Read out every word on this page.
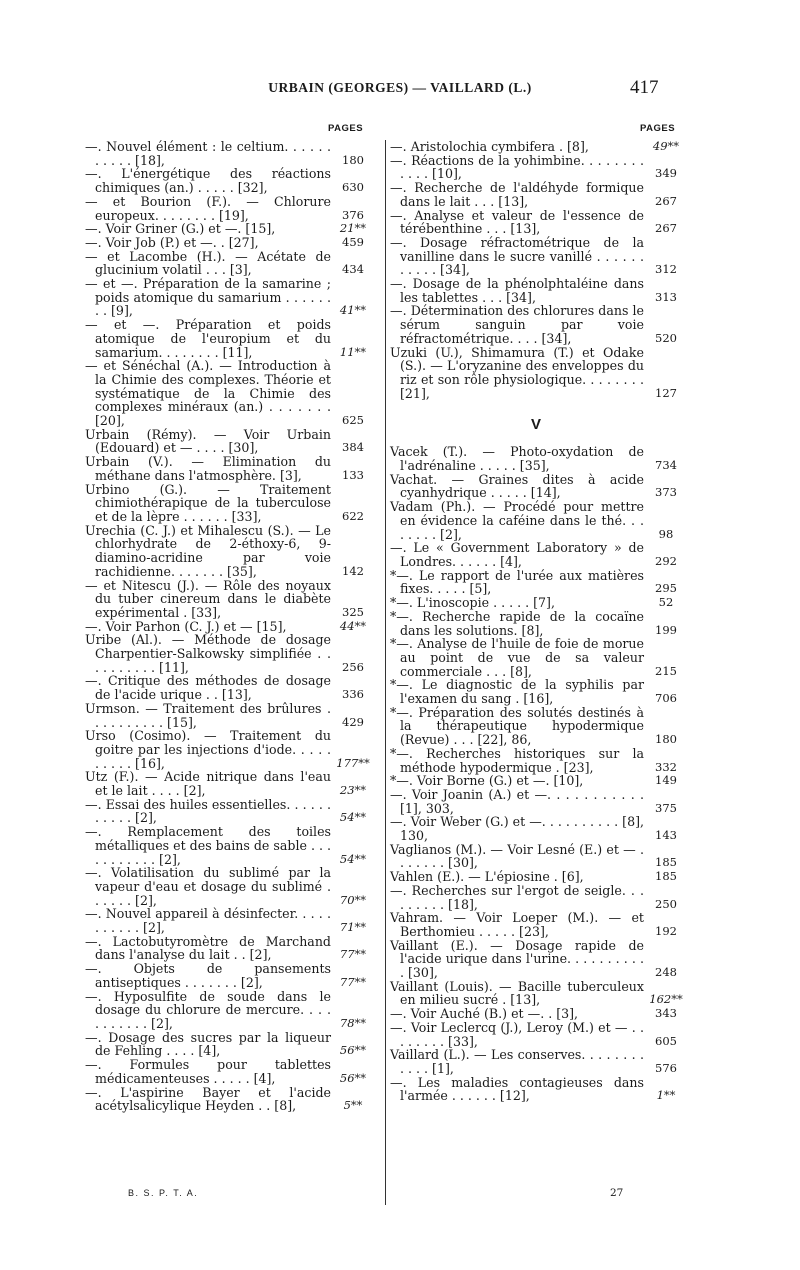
URBAIN (GEORGES) — VAILLARD (L.)	417
PAGES	PAGES
—. Nouvel élément : le celtium. . . . . . . . . . . [18],	180
—. L'énergétique des réactions chimiques (an.) . . . . . [32],	630
— et Bourion (F.). — Chlorure europeux. . . . . . . . [19],	376
—. Voir Griner (G.) et —. [15],	21**
—. Voir Job (P.) et —. . [27],	459
— et Lacombe (H.). — Acétate de glucinium volatil . . . [3],	434
— et —. Préparation de la samarine ; poids atomique du samarium . . . . . . . . [9],	41**
— et —. Préparation et poids atomique de l'europium et du samarium. . . . . . . . [11],	11**
— et Sénéchal (A.). — Introduction à la Chimie des complexes. Théorie et systématique de la Chimie des complexes minéraux (an.) . . . . . . . [20],	625
Urbain (Rémy). — Voir Urbain (Edouard) et — . . . . [30],	384
Urbain (V.). — Elimination du méthane dans l'atmosphère. [3],	133
Urbino (G.). — Traitement chimiothérapique de la tuberculose et de la lèpre . . . . . . [33],	622
Urechia (C. J.) et Mihalescu (S.). — Le chlorhydrate de 2-éthoxy-6, 9-diamino-acridine par voie rachidienne. . . . . . . [35],	142
— et Nitescu (J.). — Rôle des noyaux du tuber cinereum dans le diabète expérimental . [33],	325
—. Voir Parhon (C. J.) et — [15],	44**
Uribe (Al.). — Méthode de dosage Charpentier-Salkowsky simplifiée . . . . . . . . . . [11],	256
—. Critique des méthodes de dosage de l'acide urique . . [13],	336
Urmson. — Traitement des brûlures . . . . . . . . . . [15],	429
Urso (Cosimo). — Traitement du goitre par les injections d'iode. . . . . . . . . . [16],	177**
Utz (F.). — Acide nitrique dans l'eau et le lait . . . . [2],	23**
—. Essai des huiles essentielles. . . . . . . . . . . [2],	54**
—. Remplacement des toiles métalliques et des bains de sable . . . . . . . . . . . [2],	54**
—. Volatilisation du sublimé par la vapeur d'eau et dosage du sublimé . . . . . . [2],	70**
—. Nouvel appareil à désinfecter. . . . . . . . . . . [2],	71**
—. Lactobutyromètre de Marchand dans l'analyse du lait . . [2],	77**
—. Objets de pansements antiseptiques . . . . . . . [2],	77**
—. Hyposulfite de soude dans le dosage du chlorure de mercure. . . . . . . . . . . [2],	78**
—. Dosage des sucres par la liqueur de Fehling . . . . [4],	56**
—. Formules pour tablettes médicamenteuses . . . . . [4],	56**
—. L'aspirine Bayer et l'acide acétylsalicylique Heyden . . [8],	5**
—. Aristolochia cymbifera . [8],	49**
—. Réactions de la yohimbine. . . . . . . . . . . . [10],	349
—. Recherche de l'aldéhyde formique dans le lait . . . [13],	267
—. Analyse et valeur de l'essence de térébenthine . . . [13],	267
—. Dosage réfractométrique de la vanilline dans le sucre vanillé . . . . . . . . . . . [34],	312
—. Dosage de la phénolphtaléine dans les tablettes . . . [34],	313
—. Détermination des chlorures dans le sérum sanguin par voie réfractométrique. . . . [34],	520
Uzuki (U.), Shimamura (T.) et Odake (S.). — L'oryzanine des enveloppes du riz et son rôle physiologique. . . . . . . . [21],	127
V
Vacek (T.). — Photo-oxydation de l'adrénaline . . . . . [35],	734
Vachat. — Graines dites à acide cyanhydrique . . . . . [14],	373
Vadam (Ph.). — Procédé pour mettre en évidence la caféine dans le thé. . . . . . . . [2],	98
—. Le « Government Laboratory » de Londres. . . . . . [4],	292
*—. Le rapport de l'urée aux matières fixes. . . . . [5],	295
*—. L'inoscopie . . . . . [7],	52
*—. Recherche rapide de la cocaïne dans les solutions. [8],	199
*—. Analyse de l'huile de foie de morue au point de vue de sa valeur commerciale . . . [8],	215
*—. Le diagnostic de la syphilis par l'examen du sang . [16],	706
*—. Préparation des solutés destinés à la thérapeutique hypodermique (Revue) . . . [22], 86,	180
*—. Recherches historiques sur la méthode hypodermique . [23],	332
*—. Voir Borne (G.) et —. [10],	149
—. Voir Joanin (A.) et —. . . . . . . . . . . [1], 303,	375
—. Voir Weber (G.) et —. . . . . . . . . . [8], 130,	143
Vaglianos (M.). — Voir Lesné (E.) et — . . . . . . . [30],	185
Vahlen (E.). — L'épiosine . [6],	185
—. Recherches sur l'ergot de seigle. . . . . . . . . [18],	250
Vahram. — Voir Loeper (M.). — et Berthomieu . . . . . [23],	192
Vaillant (E.). — Dosage rapide de l'acide urique dans l'urine. . . . . . . . . . . [30],	248
Vaillant (Louis). — Bacille tuberculeux en milieu sucré . [13],	162**
—. Voir Auché (B.) et —. . [3],	343
—. Voir Leclercq (J.), Leroy (M.) et — . . . . . . . . [33],	605
Vaillard (L.). — Les conserves. . . . . . . . . . . . [1],	576
—. Les maladies contagieuses dans l'armée . . . . . . [12],	1**
B. S. P. T. A.	27
